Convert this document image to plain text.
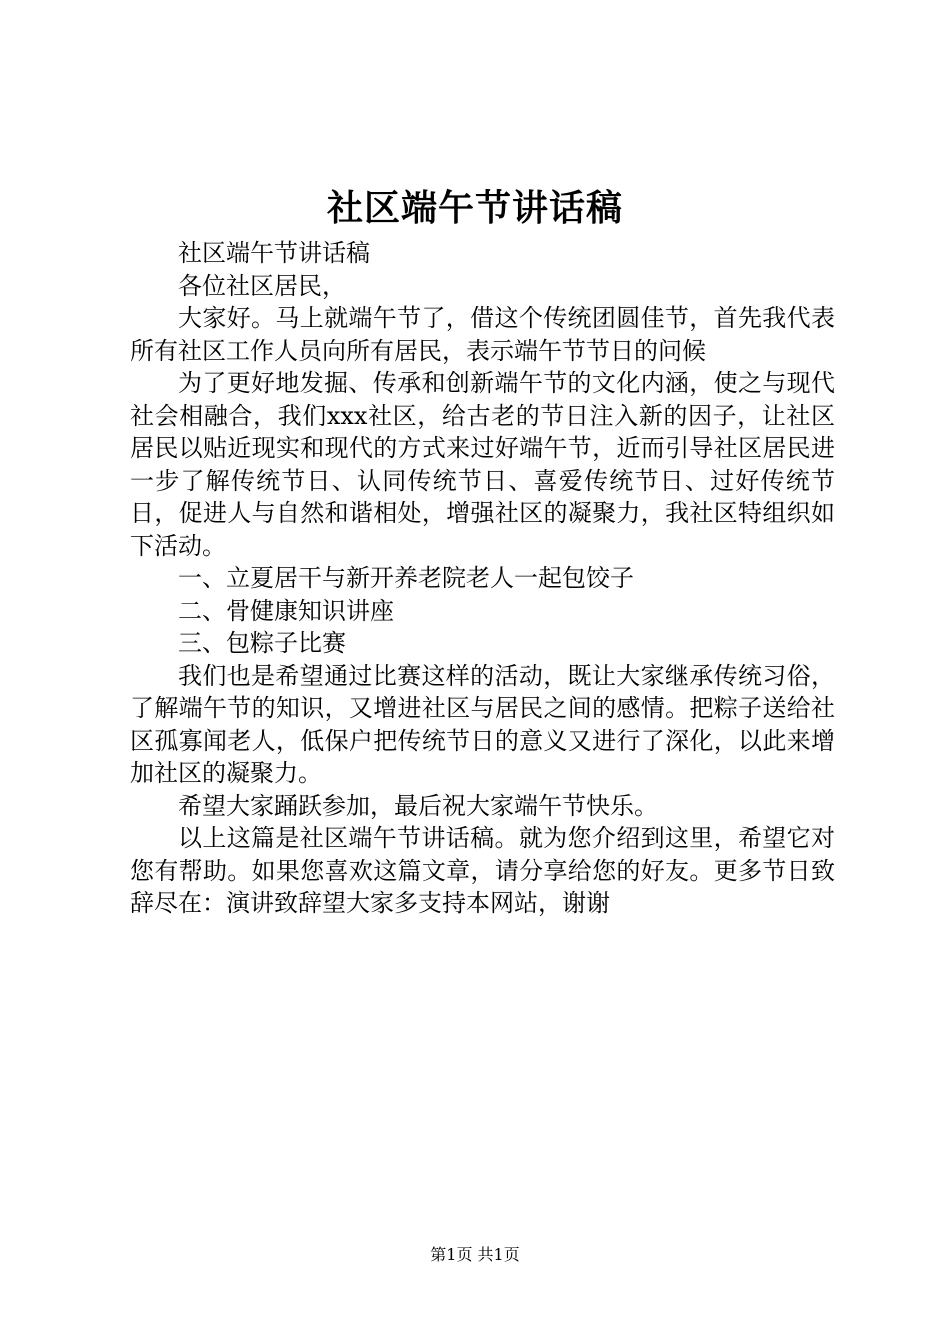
社区端午节讲话稿

社区端午节讲话稿

各位社区居民，

大家好。马上就端午节了，借这个传统团圆佳节，首先我代表所有社区工作人员向所有居民，表示端午节节日的问候

为了更好地发掘、传承和创新端午节的文化内涵，使之与现代社会相融合，我们xxx社区，给古老的节日注入新的因子，让社区居民以贴近现实和现代的方式来过好端午节，近而引导社区居民进一步了解传统节日、认同传统节日、喜爱传统节日、过好传统节日，促进人与自然和谐相处，增强社区的凝聚力，我社区特组织如下活动。

一、立夏居干与新开养老院老人一起包饺子

二、骨健康知识讲座

三、包粽子比赛

我们也是希望通过比赛这样的活动，既让大家继承传统习俗，了解端午节的知识，又增进社区与居民之间的感情。把粽子送给社区孤寡闻老人，低保户把传统节日的意义又进行了深化，以此来增加社区的凝聚力。

希望大家踊跃参加，最后祝大家端午节快乐。

以上这篇是社区端午节讲话稿。就为您介绍到这里，希望它对您有帮助。如果您喜欢这篇文章，请分享给您的好友。更多节日致辞尽在：演讲致辞望大家多支持本网站，谢谢

第1页 共1页
